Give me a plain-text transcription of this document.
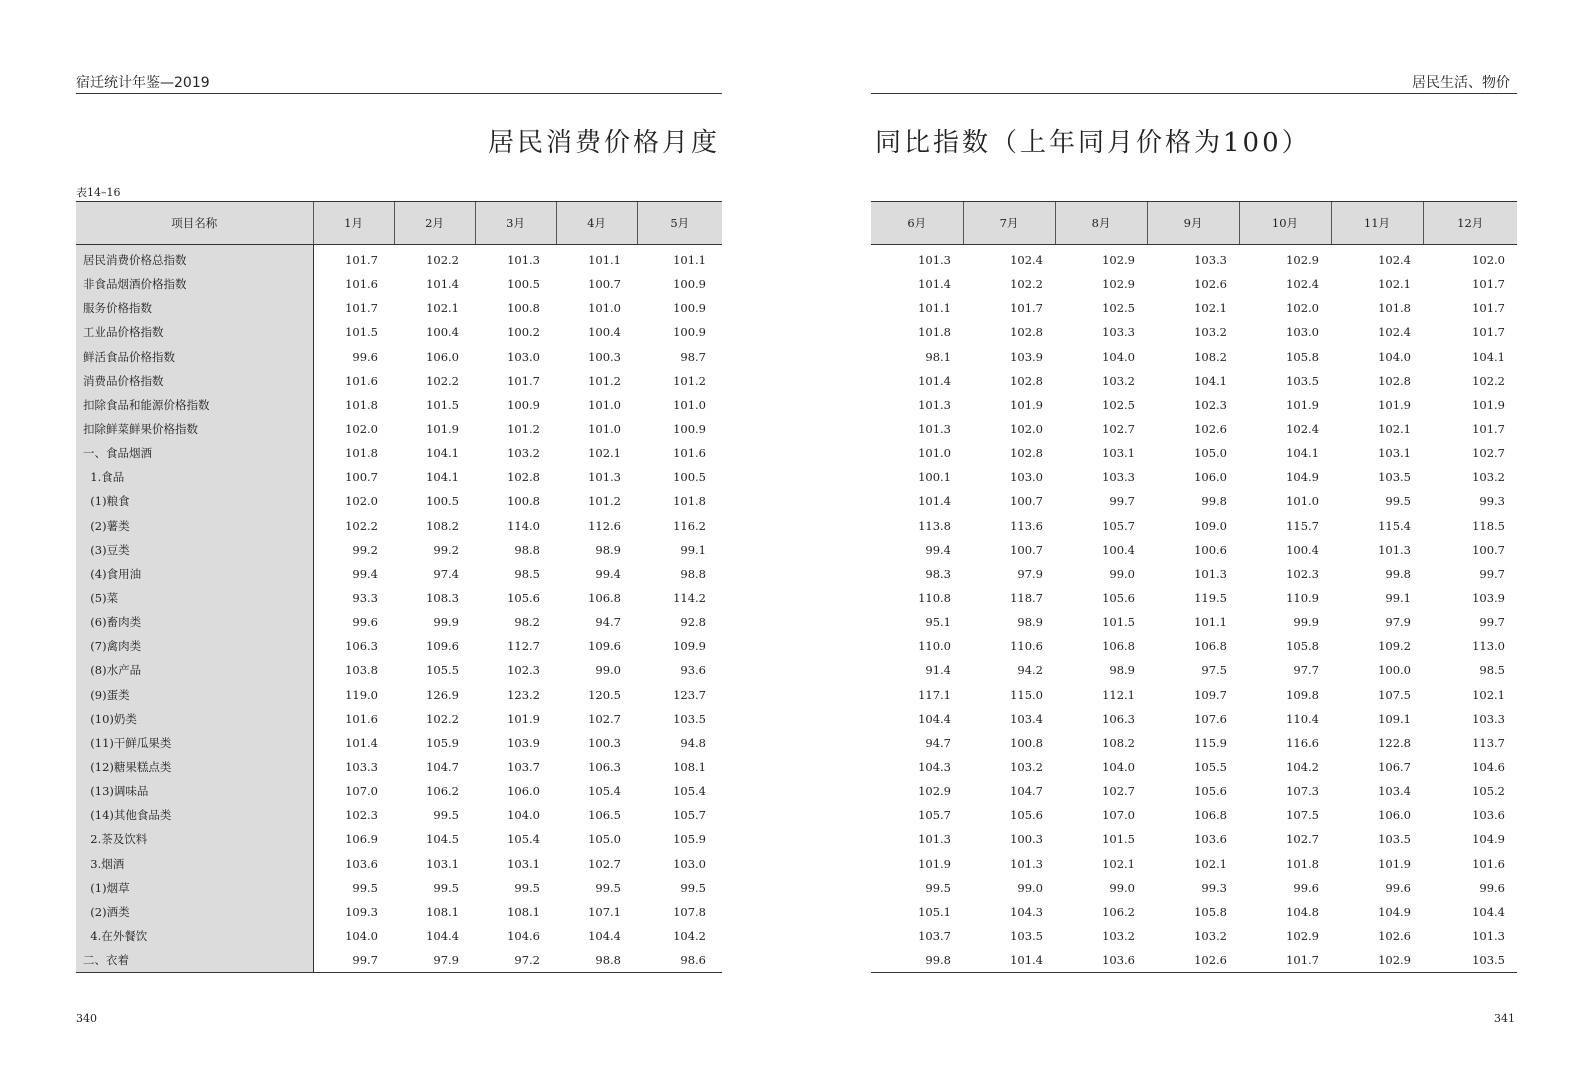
宿迁统计年鉴—2019	居民生活、物价
居民消费价格月度	同比指数（上年同月价格为100）
表14–16
项目名称	1月	2月	3月	4月	5月
居民消费价格总指数	101.7	102.2	101.3	101.1	101.1
非食品烟酒价格指数	101.6	101.4	100.5	100.7	100.9
服务价格指数	101.7	102.1	100.8	101.0	100.9
工业品价格指数	101.5	100.4	100.2	100.4	100.9
鲜活食品价格指数	99.6	106.0	103.0	100.3	98.7
消费品价格指数	101.6	102.2	101.7	101.2	101.2
扣除食品和能源价格指数	101.8	101.5	100.9	101.0	101.0
扣除鲜菜鲜果价格指数	102.0	101.9	101.2	101.0	100.9
一、食品烟酒	101.8	104.1	103.2	102.1	101.6
1.食品	100.7	104.1	102.8	101.3	100.5
(1)粮食	102.0	100.5	100.8	101.2	101.8
(2)薯类	102.2	108.2	114.0	112.6	116.2
(3)豆类	99.2	99.2	98.8	98.9	99.1
(4)食用油	99.4	97.4	98.5	99.4	98.8
(5)菜	93.3	108.3	105.6	106.8	114.2
(6)畜肉类	99.6	99.9	98.2	94.7	92.8
(7)禽肉类	106.3	109.6	112.7	109.6	109.9
(8)水产品	103.8	105.5	102.3	99.0	93.6
(9)蛋类	119.0	126.9	123.2	120.5	123.7
(10)奶类	101.6	102.2	101.9	102.7	103.5
(11)干鲜瓜果类	101.4	105.9	103.9	100.3	94.8
(12)糖果糕点类	103.3	104.7	103.7	106.3	108.1
(13)调味品	107.0	106.2	106.0	105.4	105.4
(14)其他食品类	102.3	99.5	104.0	106.5	105.7
2.茶及饮料	106.9	104.5	105.4	105.0	105.9
3.烟酒	103.6	103.1	103.1	102.7	103.0
(1)烟草	99.5	99.5	99.5	99.5	99.5
(2)酒类	109.3	108.1	108.1	107.1	107.8
4.在外餐饮	104.0	104.4	104.6	104.4	104.2
二、衣着	99.7	97.9	97.2	98.8	98.6
6月	7月	8月	9月	10月	11月	12月
101.3	102.4	102.9	103.3	102.9	102.4	102.0
101.4	102.2	102.9	102.6	102.4	102.1	101.7
101.1	101.7	102.5	102.1	102.0	101.8	101.7
101.8	102.8	103.3	103.2	103.0	102.4	101.7
98.1	103.9	104.0	108.2	105.8	104.0	104.1
101.4	102.8	103.2	104.1	103.5	102.8	102.2
101.3	101.9	102.5	102.3	101.9	101.9	101.9
101.3	102.0	102.7	102.6	102.4	102.1	101.7
101.0	102.8	103.1	105.0	104.1	103.1	102.7
100.1	103.0	103.3	106.0	104.9	103.5	103.2
101.4	100.7	99.7	99.8	101.0	99.5	99.3
113.8	113.6	105.7	109.0	115.7	115.4	118.5
99.4	100.7	100.4	100.6	100.4	101.3	100.7
98.3	97.9	99.0	101.3	102.3	99.8	99.7
110.8	118.7	105.6	119.5	110.9	99.1	103.9
95.1	98.9	101.5	101.1	99.9	97.9	99.7
110.0	110.6	106.8	106.8	105.8	109.2	113.0
91.4	94.2	98.9	97.5	97.7	100.0	98.5
117.1	115.0	112.1	109.7	109.8	107.5	102.1
104.4	103.4	106.3	107.6	110.4	109.1	103.3
94.7	100.8	108.2	115.9	116.6	122.8	113.7
104.3	103.2	104.0	105.5	104.2	106.7	104.6
102.9	104.7	102.7	105.6	107.3	103.4	105.2
105.7	105.6	107.0	106.8	107.5	106.0	103.6
101.3	100.3	101.5	103.6	102.7	103.5	104.9
101.9	101.3	102.1	102.1	101.8	101.9	101.6
99.5	99.0	99.0	99.3	99.6	99.6	99.6
105.1	104.3	106.2	105.8	104.8	104.9	104.4
103.7	103.5	103.2	103.2	102.9	102.6	101.3
99.8	101.4	103.6	102.6	101.7	102.9	103.5
340	341
